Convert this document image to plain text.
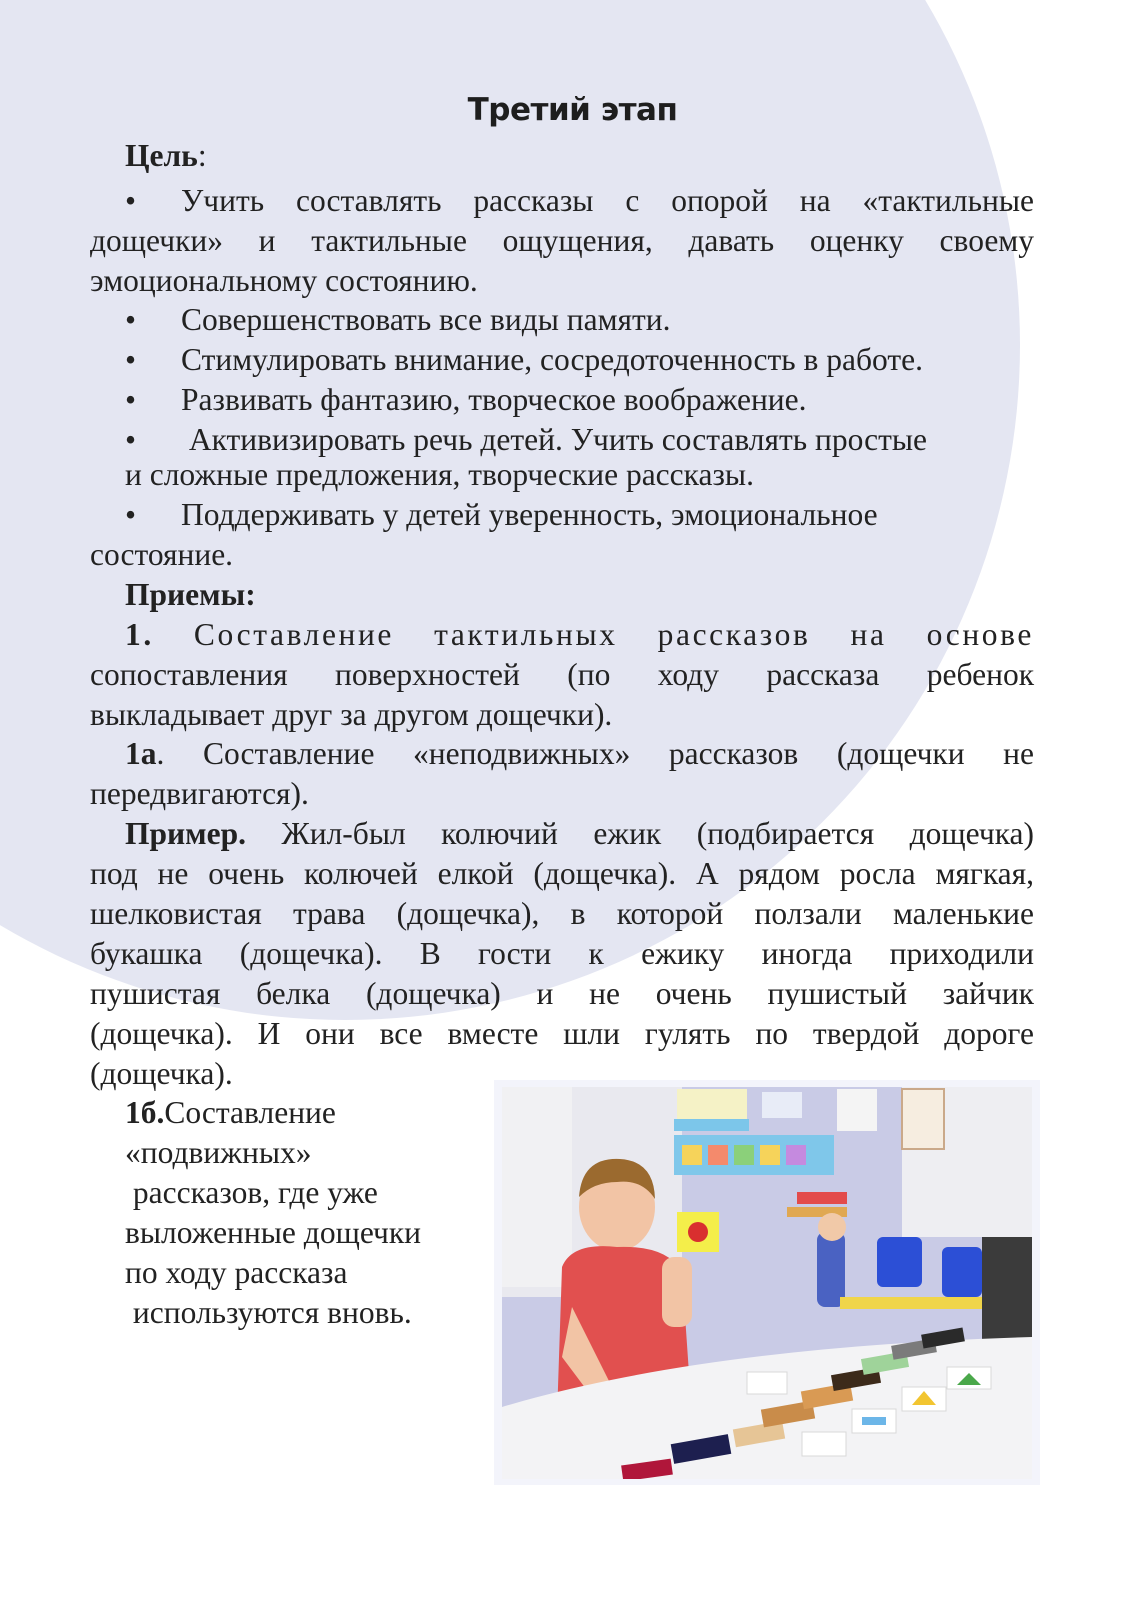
Третий этап
Цель:
• Учить составлять рассказы с опорой на «тактильные
дощечки» и тактильные ощущения, давать оценку своему
эмоциональному состоянию.
• Совершенствовать все виды памяти.
• Стимулировать внимание, сосредоточенность в работе.
• Развивать фантазию, творческое воображение.
• Активизировать речь детей. Учить составлять простые
и сложные предложения, творческие рассказы.
• Поддерживать у детей уверенность, эмоциональное
состояние.
Приемы:
1. Составление тактильных рассказов на основе
сопоставления поверхностей (по ходу рассказа ребенок
выкладывает друг за другом дощечки).
1а. Составление «неподвижных» рассказов (дощечки не
передвигаются).
Пример. Жил-был колючий ежик (подбирается дощечка)
под не очень колючей елкой (дощечка). А рядом росла мягкая,
шелковистая трава (дощечка), в которой ползали маленькие
букашка (дощечка). В гости к ежику иногда приходили
пушистая белка (дощечка) и не очень пушистый зайчик
(дощечка). И они все вместе шли гулять по твердой дороге
(дощечка).
1б.Составление
«подвижных»
рассказов, где уже
выложенные дощечки
по ходу рассказа
используются вновь.
